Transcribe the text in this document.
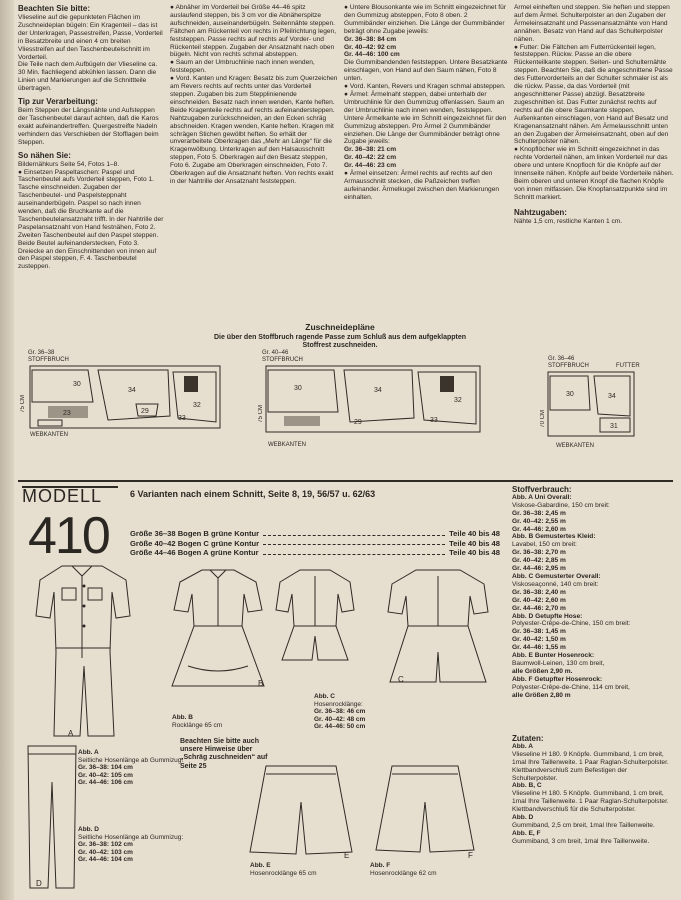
Beachten Sie bitte:

Vlieseline auf die gepunkteten Flächen im Zuschneideplan bügeln: Ein Kragenteil – das ist der Unterkragen, Passestreifen, Passe, Vorderteil in Besatzbreite und einen 4 cm breiten Vliesstreifen auf den Taschenbeutelschnitt im Vorderteil.

Die Teile nach dem Aufbügeln der Vlieseline ca. 30 Min. flachliegend abkühlen lassen. Dann die Linien und Markierungen auf die Schnittteile übertragen.

Tip zur Verarbeitung:

Beim Steppen der Längsnähte und Aufsteppen der Taschenbeutel darauf achten, daß die Karos exakt aufeinandertreffen. Quergestreifte Nadeln verhindern das Verschieben der Stofflagen beim Steppen.

So nähen Sie:

Bildernähkurs Seite 54, Fotos 1–8.

● Einsetzen Paspeltaschen: Paspel und Taschenbeutel aufs Vorderteil steppen, Foto 1. Tasche einschneiden. Zugaben der Taschenbeutel- und Paspelsteppnaht auseinanderbügeln. Paspel so nach innen wenden, daß die Bruchkante auf die Taschenbeutelansatznaht trifft. In der Nahtrille der Paspelansatznaht von Hand festnähen, Foto 2. Zweiten Taschenbeutel auf den Paspel steppen. Beide Beutel aufeinanderstecken, Foto 3. Dreiecke an den Einschnittenden von innen auf den Paspel steppen, F. 4. Taschenbeutel zusteppen.

● Abnäher im Vorderteil bei Größe 44–46 spitz auslaufend steppen, bis 3 cm vor die Abnäherspitze aufschneiden, auseinanderbügeln. Seitennähte steppen. Fältchen am Rückenteil von rechts in Pfeilrichtung legen, feststeppen. Passe rechts auf rechts auf Vorder- und Rückenteil steppen. Zugaben der Ansatznaht nach oben bügeln. Nicht von rechts schmal absteppen.

● Saum an der Umbruchlinie nach innen wenden, feststeppen.

● Vord. Kanten und Kragen: Besatz bis zum Querzeichen am Revers rechts auf rechts unter das Vorderteil steppen. Zugaben bis zum Stepplinienende einschneiden. Besatz nach innen wenden, Kante heften. Beide Kragenteile rechts auf rechts aufeinandersteppen. Nahtzugaben zurückschneiden, an den Ecken schräg abschneiden. Kragen wenden, Kante heften. Kragen mit schrägen Stichen gewölbt heften. So erhält der unverarbeitete Oberkragen das „Mehr an Länge“ für die Kragenwölbung. Unterkragen auf den Halsausschnitt steppen, Foto 5. Oberkragen auf den Besatz steppen, Foto 6. Zugabe am Oberkragen einschneiden, Foto 7. Oberkragen auf die Ansatznaht heften. Von rechts exakt in der Nahtrille der Ansatznaht feststeppen.

● Untere Blousonkante wie im Schnitt eingezeichnet für den Gummizug absteppen, Foto 8 oben. 2 Gummibänder einziehen. Die Länge der Gummibänder beträgt ohne Zugabe jeweils:

Gr. 36–38: 84 cm

Gr. 40–42: 92 cm

Gr. 44–46: 100 cm

Die Gummibandenden feststeppen. Untere Besatzkante einschlagen, von Hand auf den Saum nähen, Foto 8 unten.

● Vord. Kanten, Revers und Kragen schmal absteppen.

● Ärmel: Ärmelnaht steppen, dabei unterhalb der Umbruchlinie für den Gummizug offenlassen. Saum an der Umbruchlinie nach innen wenden, feststeppen. Untere Ärmelkante wie im Schnitt eingezeichnet für den Gummizug absteppen. Pro Ärmel 2 Gummibänder einziehen. Die Länge der Gummibänder beträgt ohne Zugabe jeweils:

Gr. 36–38: 21 cm

Gr. 40–42: 22 cm

Gr. 44–46: 23 cm

● Ärmel einsetzen: Ärmel rechts auf rechts auf den Armausschnitt stecken, die Paßzeichen treffen aufeinander. Ärmelkugel zwischen den Markierungen einhalten.

Ärmel einheften und steppen. Sie heften und steppen auf dem Ärmel. Schulterpolster an den Zugaben der Ärmeleinsatznaht und Passenansatznähte von Hand annähen. Besatz von Hand auf das Schulterpolster nähen.

● Futter: Die Fältchen am Futterrückenteil legen, feststeppen. Rückw. Passe an die obere Rückenteilkante steppen. Seiten- und Schulternähte steppen. Beachten Sie, daß die angeschnittene Passe des Futtervorderteils an der Schulter schmaler ist als die rückw. Passe, da das Vorderteil (mit angeschnittener Passe) abzügl. Besatzbreite zugeschnitten ist. Das Futter zunächst rechts auf rechts auf die obere Saumkante steppen. Außenkanten einschlagen, von Hand auf Besatz und Kragenansatznaht nähen. Am Ärmelausschnitt unten an den Zugaben der Ärmeleinsatznaht, oben auf den Schulterpolster nähen.

● Knopflöcher wie im Schnitt eingezeichnet in das rechte Vorderteil nähen, am linken Vorderteil nur das obere und untere Knopfloch für die Knöpfe auf der Innenseite nähen. Knöpfe auf beide Vorderteile nähen. Beim oberen und unteren Knopf die flachen Knöpfe von innen mitfassen. Die Knopfansatzpunkte sind im Schnitt markiert.

Nahtzugaben:

Nähte 1,5 cm, restliche Kanten 1 cm.

Zuschneidepläne
Die über den Stoffbruch ragende Passe zum Schluß aus dem aufgeklappten Stoffrest zuschneiden.
Gr. 36–38
STOFFBRUCH
30
34
32
23	29
33
75 CM
WEBKANTEN
Gr. 40–46
STOFFBRUCH
30	34
32
29	33
75 CM
WEBKANTEN
Gr. 36–46
STOFFBRUCH	FUTTER
30	34
31
70 CM
WEBKANTEN
MODELL
410
6 Varianten nach einem Schnitt, Seite 8, 19, 56/57 u. 62/63
Größe 36–38 Bogen B grüne Kontur	Teile 40 bis 48
Größe 40–42 Bogen C grüne Kontur	Teile 40 bis 48
Größe 44–46 Bogen A grüne Kontur	Teile 40 bis 48
A
B	C
D
E	F
Abb. A
Seitliche Hosenlänge ab Gummizug:
Gr. 36–38: 104 cm
Gr. 40–42: 105 cm
Gr. 44–46: 106 cm
Abb. D
Seitliche Hosenlänge ab Gummizug:
Gr. 36–38: 102 cm
Gr. 40–42: 103 cm
Gr. 44–46: 104 cm
Abb. B
Rocklänge 65 cm
Beachten Sie bitte auch unsere Hinweise über „Schräg zuschneiden“ auf Seite 25
Abb. C
Hosenrocklänge:
Gr. 36–38: 46 cm
Gr. 40–42: 48 cm
Gr. 44–46: 50 cm
Abb. E
Hosenrocklänge 65 cm
Abb. F
Hosenrocklänge 62 cm
Stoffverbrauch:
Abb. A Uni Overall:
Viskose-Gabardine, 150 cm breit:
Gr. 36–38: 2,45 m
Gr. 40–42: 2,55 m
Gr. 44–46: 2,60 m
Abb. B Gemustertes Kleid:
Lavabel, 150 cm breit:
Gr. 36–38: 2,70 m
Gr. 40–42: 2,85 m
Gr. 44–46: 2,95 m
Abb. C Gemusterter Overall:
Viskoseaçonné, 140 cm breit:
Gr. 36–38: 2,40 m
Gr. 40–42: 2,60 m
Gr. 44–46: 2,70 m
Abb. D Getupfte Hose:
Polyester-Crêpe-de-Chine, 150 cm breit:
Gr. 36–38: 1,45 m
Gr. 40–42: 1,50 m
Gr. 44–46: 1,55 m
Abb. E Bunter Hosenrock:
Baumwoll-Leinen, 130 cm breit,
alle Größen 2,90 m.
Abb. F Getupfter Hosenrock:
Polyester-Crêpe-de-Chine, 114 cm breit,
alle Größen 2,80 m
Zutaten:
Abb. A
Vlieseline H 180. 9 Knöpfe. Gummiband, 1 cm breit, 1mal Ihre Taillenweite. 1 Paar Raglan-Schulterpolster. Klettbandverschluß zum Befestigen der Schulterpolster.
Abb. B, C
Vlieseline H 180. 5 Knöpfe. Gummiband, 1 cm breit, 1mal Ihre Taillenweite. 1 Paar Raglan-Schulterpolster. Klettbandverschluß für die Schulterpolster.
Abb. D
Gummiband, 2,5 cm breit, 1mal Ihre Taillenweite.
Abb. E, F
Gummiband, 3 cm breit, 1mal Ihre Taillenweite.
